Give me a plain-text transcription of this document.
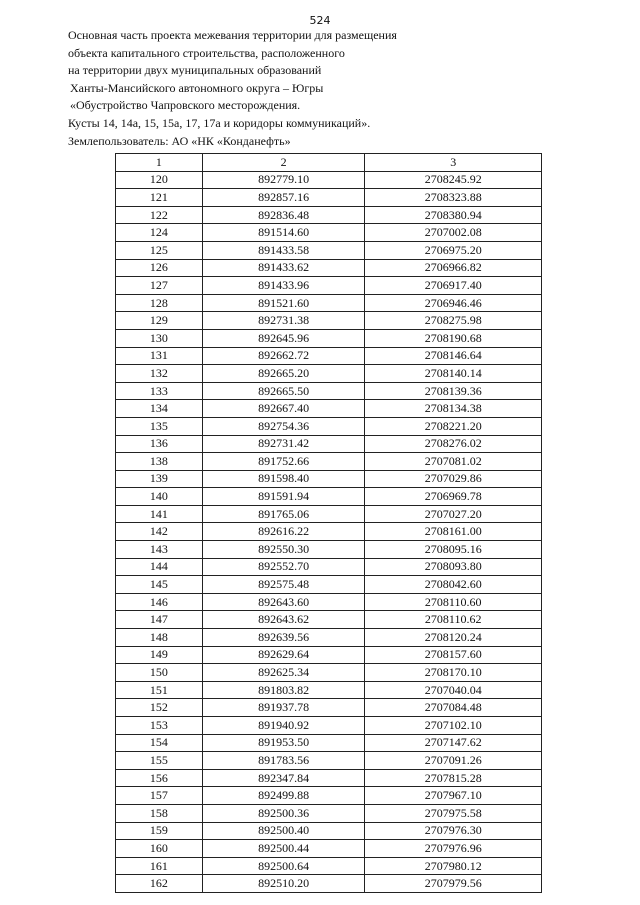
524
Основная часть проекта межевания территории для размещения
объекта капитального строительства, расположенного
на территории двух муниципальных образований
Ханты-Мансийского автономного округа – Югры
«Обустройство Чапровского месторождения.
Кусты 14, 14а, 15, 15а, 17, 17а и коридоры коммуникаций».
Землепользователь: АО «НК «Конданефть»
1	2	3
120	892779.10	2708245.92
121	892857.16	2708323.88
122	892836.48	2708380.94
124	891514.60	2707002.08
125	891433.58	2706975.20
126	891433.62	2706966.82
127	891433.96	2706917.40
128	891521.60	2706946.46
129	892731.38	2708275.98
130	892645.96	2708190.68
131	892662.72	2708146.64
132	892665.20	2708140.14
133	892665.50	2708139.36
134	892667.40	2708134.38
135	892754.36	2708221.20
136	892731.42	2708276.02
138	891752.66	2707081.02
139	891598.40	2707029.86
140	891591.94	2706969.78
141	891765.06	2707027.20
142	892616.22	2708161.00
143	892550.30	2708095.16
144	892552.70	2708093.80
145	892575.48	2708042.60
146	892643.60	2708110.60
147	892643.62	2708110.62
148	892639.56	2708120.24
149	892629.64	2708157.60
150	892625.34	2708170.10
151	891803.82	2707040.04
152	891937.78	2707084.48
153	891940.92	2707102.10
154	891953.50	2707147.62
155	891783.56	2707091.26
156	892347.84	2707815.28
157	892499.88	2707967.10
158	892500.36	2707975.58
159	892500.40	2707976.30
160	892500.44	2707976.96
161	892500.64	2707980.12
162	892510.20	2707979.56
